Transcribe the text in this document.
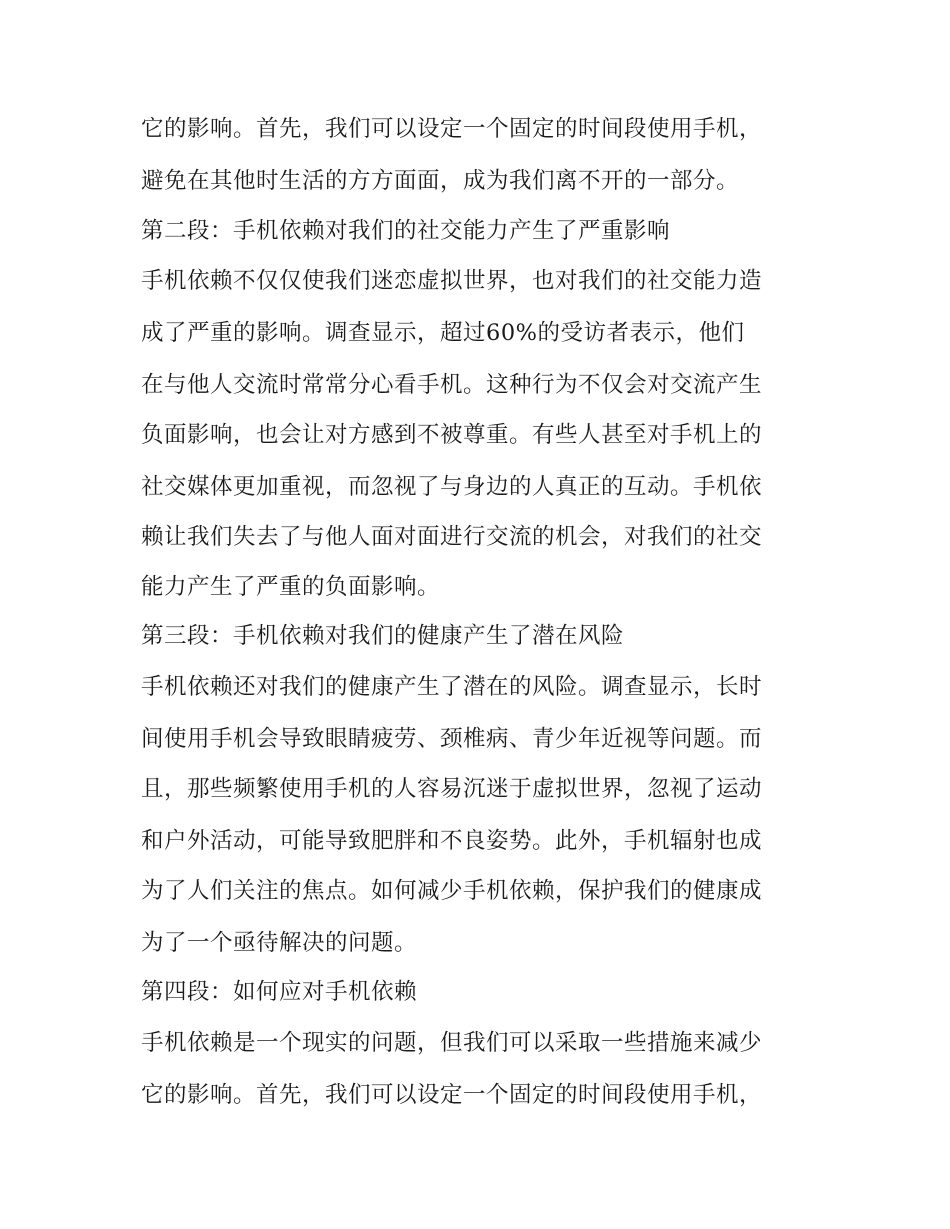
它的影响。首先，我们可以设定一个固定的时间段使用手机，
避免在其他时生活的方方面面，成为我们离不开的一部分。
第二段：手机依赖对我们的社交能力产生了严重影响
手机依赖不仅仅使我们迷恋虚拟世界，也对我们的社交能力造
成了严重的影响。调查显示，超过60%的受访者表示，他们
在与他人交流时常常分心看手机。这种行为不仅会对交流产生
负面影响，也会让对方感到不被尊重。有些人甚至对手机上的
社交媒体更加重视，而忽视了与身边的人真正的互动。手机依
赖让我们失去了与他人面对面进行交流的机会，对我们的社交
能力产生了严重的负面影响。
第三段：手机依赖对我们的健康产生了潜在风险
手机依赖还对我们的健康产生了潜在的风险。调查显示，长时
间使用手机会导致眼睛疲劳、颈椎病、青少年近视等问题。而
且，那些频繁使用手机的人容易沉迷于虚拟世界，忽视了运动
和户外活动，可能导致肥胖和不良姿势。此外，手机辐射也成
为了人们关注的焦点。如何减少手机依赖，保护我们的健康成
为了一个亟待解决的问题。
第四段：如何应对手机依赖
手机依赖是一个现实的问题，但我们可以采取一些措施来减少
它的影响。首先，我们可以设定一个固定的时间段使用手机，
